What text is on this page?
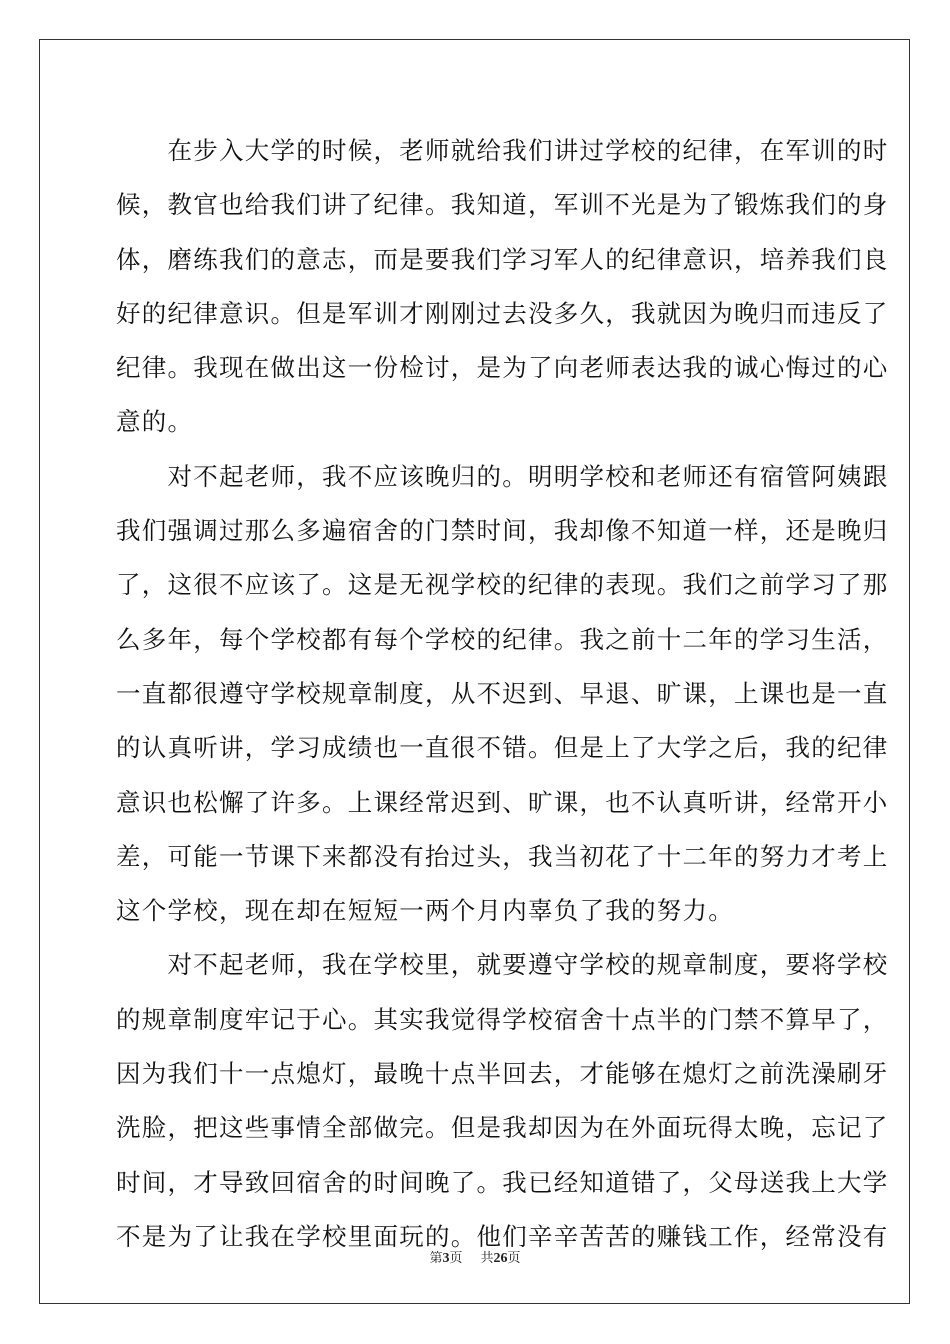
　　在步入大学的时候，老师就给我们讲过学校的纪律，在军训的时
候，教官也给我们讲了纪律。我知道，军训不光是为了锻炼我们的身
体，磨练我们的意志，而是要我们学习军人的纪律意识，培养我们良
好的纪律意识。但是军训才刚刚过去没多久，我就因为晚归而违反了
纪律。我现在做出这一份检讨，是为了向老师表达我的诚心悔过的心
意的。
　　对不起老师，我不应该晚归的。明明学校和老师还有宿管阿姨跟
我们强调过那么多遍宿舍的门禁时间，我却像不知道一样，还是晚归
了，这很不应该了。这是无视学校的纪律的表现。我们之前学习了那
么多年，每个学校都有每个学校的纪律。我之前十二年的学习生活，
一直都很遵守学校规章制度，从不迟到、早退、旷课，上课也是一直
的认真听讲，学习成绩也一直很不错。但是上了大学之后，我的纪律
意识也松懈了许多。上课经常迟到、旷课，也不认真听讲，经常开小
差，可能一节课下来都没有抬过头，我当初花了十二年的努力才考上
这个学校，现在却在短短一两个月内辜负了我的努力。
　　对不起老师，我在学校里，就要遵守学校的规章制度，要将学校
的规章制度牢记于心。其实我觉得学校宿舍十点半的门禁不算早了，
因为我们十一点熄灯，最晚十点半回去，才能够在熄灯之前洗澡刷牙
洗脸，把这些事情全部做完。但是我却因为在外面玩得太晚，忘记了
时间，才导致回宿舍的时间晚了。我已经知道错了，父母送我上大学
不是为了让我在学校里面玩的。他们辛辛苦苦的赚钱工作，经常没有
第3页 共26页
